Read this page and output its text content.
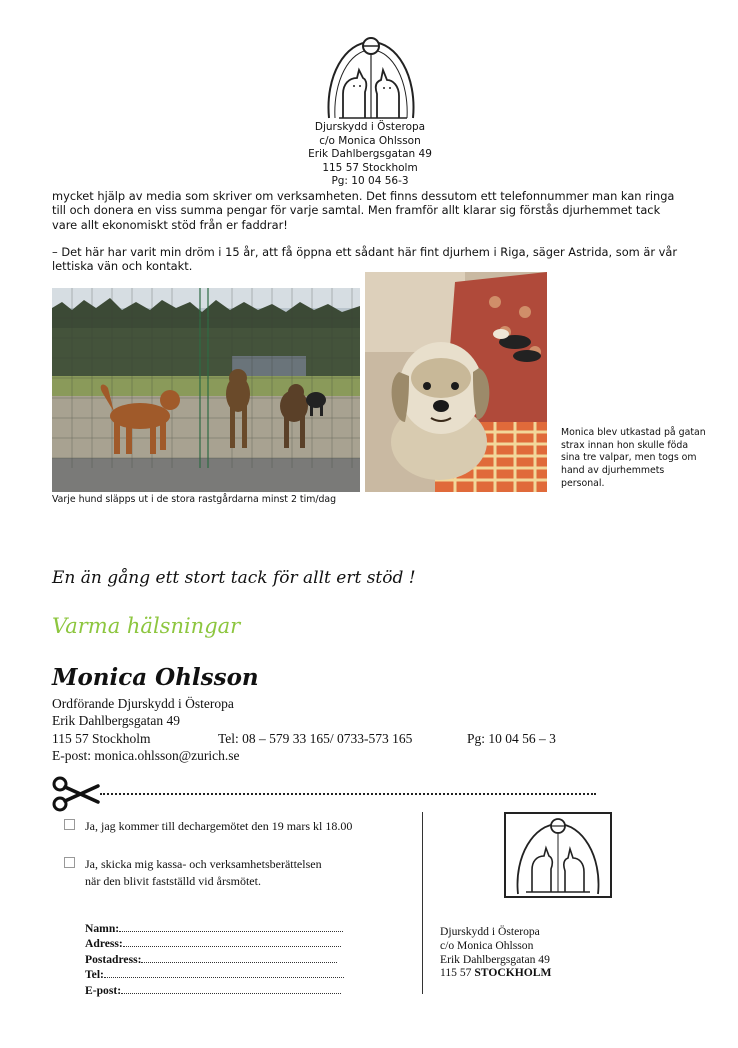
Djurskydd i Österopa
c/o Monica Ohlsson
Erik Dahlbergsgatan 49
115 57 Stockholm
Pg: 10 04 56-3
mycket hjälp av media som skriver om verksamheten. Det finns dessutom ett telefonnummer man kan ringa
till och donera en viss summa pengar för varje samtal. Men framför allt klarar sig förstås djurhemmet tack
vare allt ekonomiskt stöd från er faddrar!
– Det här har varit min dröm i 15 år, att få öppna ett sådant här fint djurhem i Riga, säger Astrida, som är vår
lettiska vän och kontakt.
Varje hund släpps ut i de stora rastgårdarna minst 2 tim/dag
Monica blev utkastad på gatan
strax innan hon skulle föda
sina tre valpar, men togs om
hand av djurhemmets
personal.
En än gång ett stort tack för allt ert stöd !
Varma hälsningar
Monica Ohlsson
Ordförande Djurskydd i Österopa
Erik Dahlbergsgatan 49
115 57 Stockholm	Tel: 08 – 579 33 165/ 0733-573 165	Pg: 10 04 56 – 3
E-post: monica.ohlsson@zurich.se
Ja, jag kommer till dechargemötet den 19 mars kl 18.00
Ja, skicka mig kassa- och verksamhetsberättelsen
när den blivit fastställd vid årsmötet.
Namn:
Adress:
Postadress:
Tel:
E-post:
Djurskydd i Österopa
c/o Monica Ohlsson
Erik Dahlbergsgatan 49
115 57 STOCKHOLM
